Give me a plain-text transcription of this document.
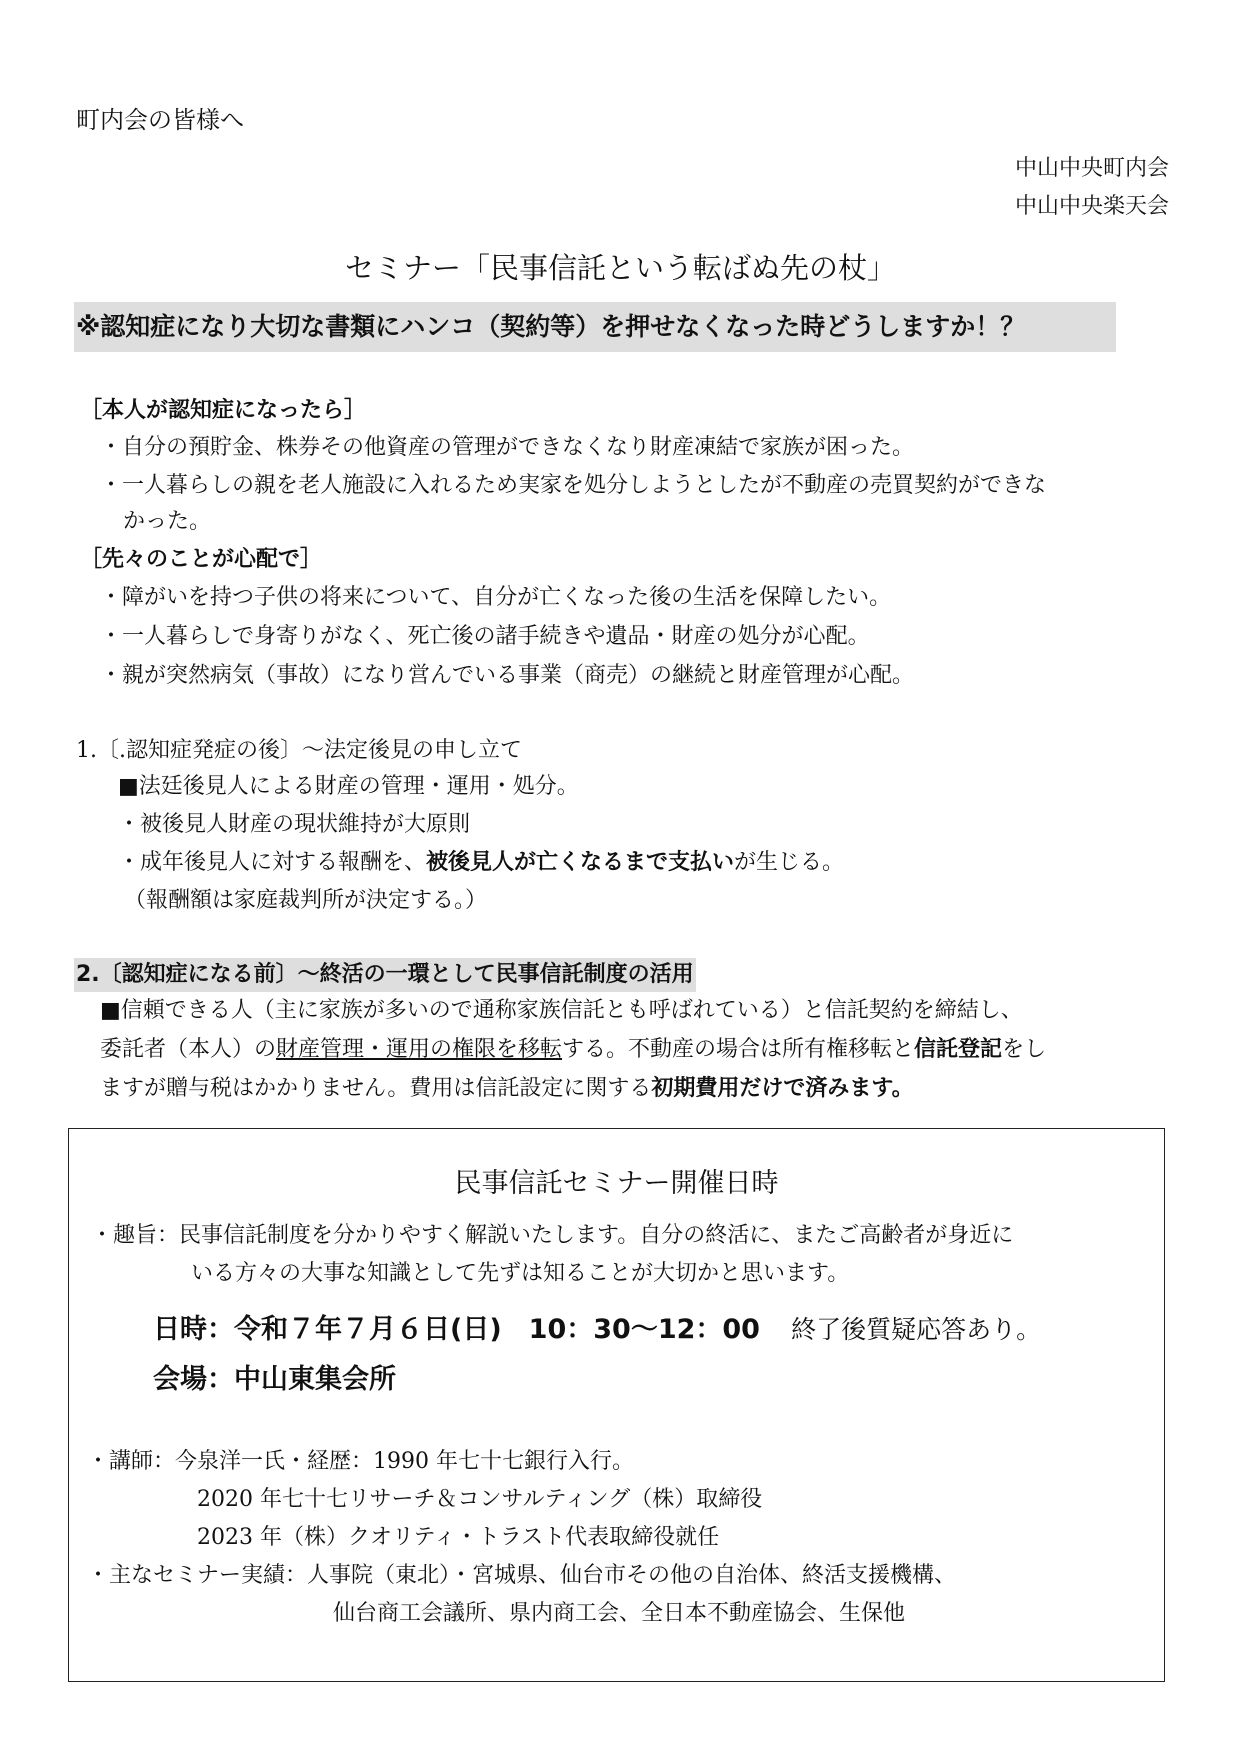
町内会の皆様へ
中山中央町内会
中山中央楽天会
セミナー「民事信託という転ばぬ先の杖」
※認知症になり大切な書類にハンコ（契約等）を押せなくなった時どうしますか！？
［本人が認知症になったら］
・自分の預貯金、株券その他資産の管理ができなくなり財産凍結で家族が困った。
・一人暮らしの親を老人施設に入れるため実家を処分しようとしたが不動産の売買契約ができな
かった。
［先々のことが心配で］
・障がいを持つ子供の将来について、自分が亡くなった後の生活を保障したい。
・一人暮らしで身寄りがなく、死亡後の諸手続きや遺品・財産の処分が心配。
・親が突然病気（事故）になり営んでいる事業（商売）の継続と財産管理が心配。
1.〔.認知症発症の後〕～法定後見の申し立て
■法廷後見人による財産の管理・運用・処分。
・被後見人財産の現状維持が大原則
・成年後見人に対する報酬を、被後見人が亡くなるまで支払いが生じる。
（報酬額は家庭裁判所が決定する。）
2.〔認知症になる前〕～終活の一環として民事信託制度の活用
■信頼できる人（主に家族が多いので通称家族信託とも呼ばれている）と信託契約を締結し、
委託者（本人）の財産管理・運用の権限を移転する。不動産の場合は所有権移転と信託登記をし
ますが贈与税はかかりません。費用は信託設定に関する初期費用だけで済みます。
民事信託セミナー開催日時
・趣旨：民事信託制度を分かりやすく解説いたします。自分の終活に、またご高齢者が身近に
いる方々の大事な知識として先ずは知ることが大切かと思います。
日時：令和７年７月６日(日)　10：30～12：00 終了後質疑応答あり。
会場：中山東集会所
・講師：今泉洋一氏・経歴：1990 年七十七銀行入行。
2020 年七十七リサーチ＆コンサルティング（株）取締役
2023 年（株）クオリティ・トラスト代表取締役就任
・主なセミナー実績：人事院（東北）・宮城県、仙台市その他の自治体、終活支援機構、
仙台商工会議所、県内商工会、全日本不動産協会、生保他
